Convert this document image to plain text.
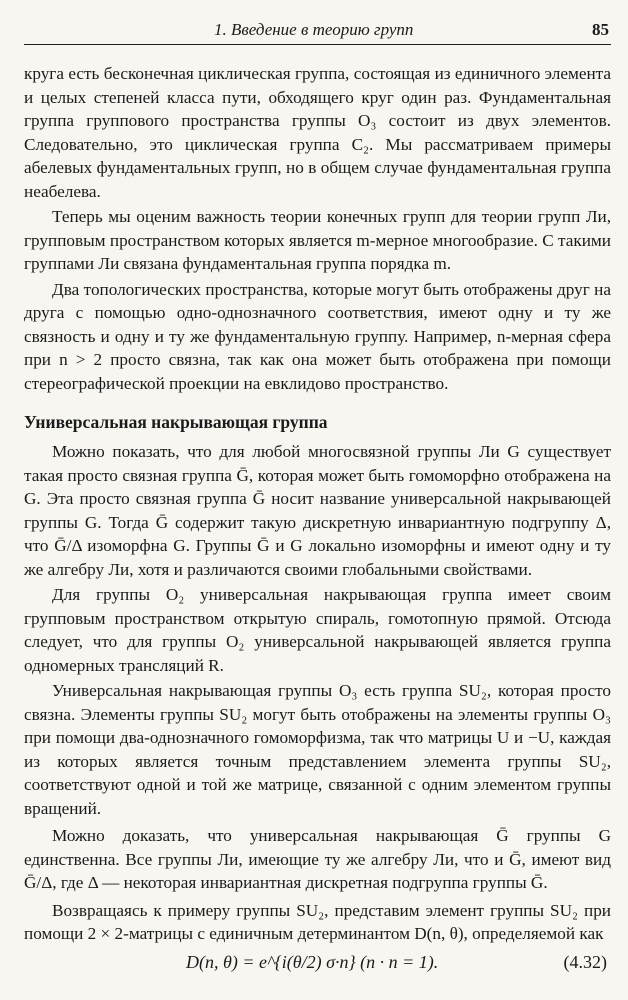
1. Введение в теорию групп	85

круга есть бесконечная циклическая группа, состоящая из единичного элемента и целых степеней класса пути, обходящего круг один раз. Фундаментальная группа группового пространства группы O₃ состоит из двух элементов. Следовательно, это циклическая группа C₂. Мы рассматриваем примеры абелевых фундаментальных групп, но в общем случае фундаментальная группа неабелева.

Теперь мы оценим важность теории конечных групп для теории групп Ли, групповым пространством которых является m-мерное многообразие. С такими группами Ли связана фундаментальная группа порядка m.

Два топологических пространства, которые могут быть отображены друг на друга с помощью одно-однозначного соответствия, имеют одну и ту же связность и одну и ту же фундаментальную группу. Например, n-мерная сфера при n > 2 просто связна, так как она может быть отображена при помощи стереографической проекции на евклидово пространство.

Универсальная накрывающая группа

Можно показать, что для любой многосвязной группы Ли G существует такая просто связная группа Ḡ, которая может быть гомоморфно отображена на G. Эта просто связная группа Ḡ носит название универсальной накрывающей группы G. Тогда Ḡ содержит такую дискретную инвариантную подгруппу Δ, что Ḡ/Δ изоморфна G. Группы Ḡ и G локально изоморфны и имеют одну и ту же алгебру Ли, хотя и различаются своими глобальными свойствами.

Для группы O₂ универсальная накрывающая группа имеет своим групповым пространством открытую спираль, гомотопную прямой. Отсюда следует, что для группы O₂ универсальной накрывающей является группа одномерных трансляций R.

Универсальная накрывающая группы O₃ есть группа SU₂, которая просто связна. Элементы группы SU₂ могут быть отображены на элементы группы O₃ при помощи два-однозначного гомоморфизма, так что матрицы U и −U, каждая из которых является точным представлением элемента группы SU₂, соответствуют одной и той же матрице, связанной с одним элементом группы вращений.

Можно доказать, что универсальная накрывающая Ḡ группы G единственна. Все группы Ли, имеющие ту же алгебру Ли, что и Ḡ, имеют вид Ḡ/Δ, где Δ — некоторая инвариантная дискретная подгруппа группы Ḡ.

Возвращаясь к примеру группы SU₂, представим элемент группы SU₂ при помощи 2 × 2-матрицы с единичным детерминантом D(n, θ), определяемой как

D(n, θ) = e^{i(θ/2) σ·n} (n · n = 1).	(4.32)
